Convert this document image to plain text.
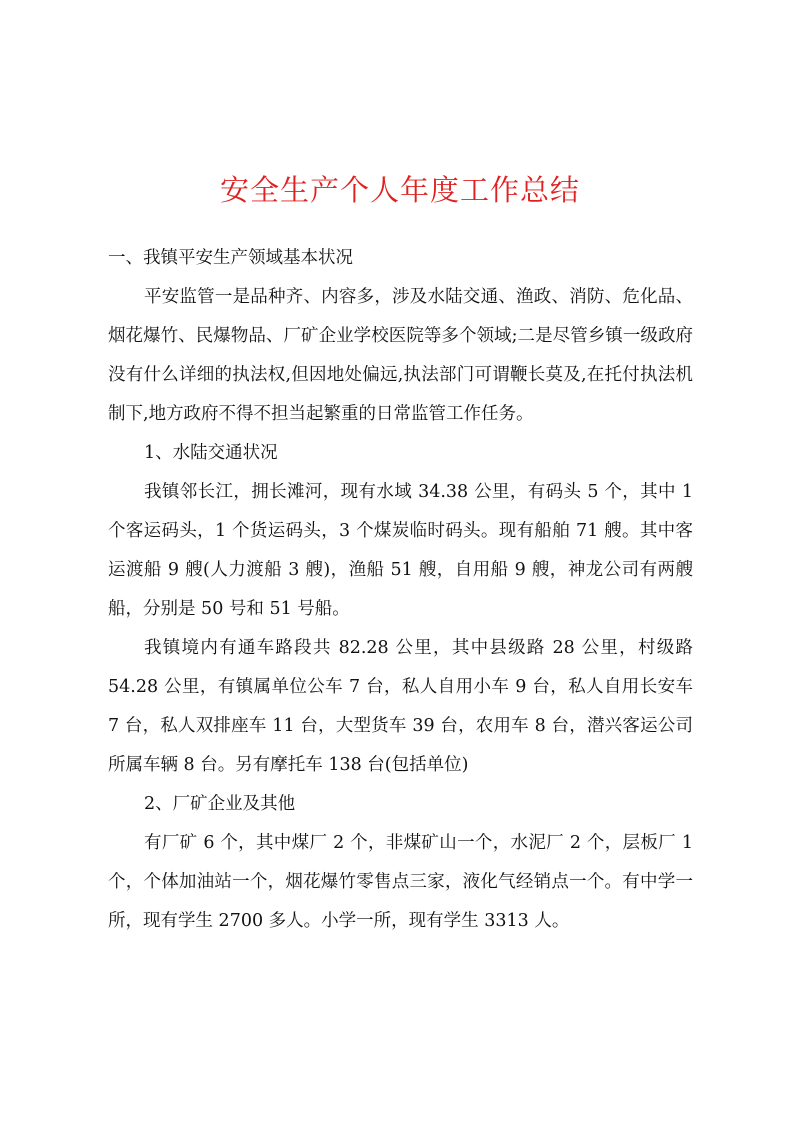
安全生产个人年度工作总结

一、我镇平安生产领域基本状况

平安监管一是品种齐、内容多，涉及水陆交通、渔政、消防、危化品、烟花爆竹、民爆物品、厂矿企业学校医院等多个领域;二是尽管乡镇一级政府没有什么详细的执法权,但因地处偏远,执法部门可谓鞭长莫及,在托付执法机制下,地方政府不得不担当起繁重的日常监管工作任务。

1、水陆交通状况

我镇邻长江，拥长滩河，现有水域 34.38 公里，有码头 5 个，其中 1 个客运码头，1 个货运码头，3 个煤炭临时码头。现有船舶 71 艘。其中客运渡船 9 艘(人力渡船 3 艘)，渔船 51 艘，自用船 9 艘，神龙公司有两艘船，分别是 50 号和 51 号船。

我镇境内有通车路段共 82.28 公里，其中县级路 28 公里，村级路 54.28 公里，有镇属单位公车 7 台，私人自用小车 9 台，私人自用长安车 7 台，私人双排座车 11 台，大型货车 39 台，农用车 8 台，潜兴客运公司所属车辆 8 台。另有摩托车 138 台(包括单位)

2、厂矿企业及其他

有厂矿 6 个，其中煤厂 2 个，非煤矿山一个，水泥厂 2 个，层板厂 1 个，个体加油站一个，烟花爆竹零售点三家，液化气经销点一个。有中学一所，现有学生 2700 多人。小学一所，现有学生 3313 人。
